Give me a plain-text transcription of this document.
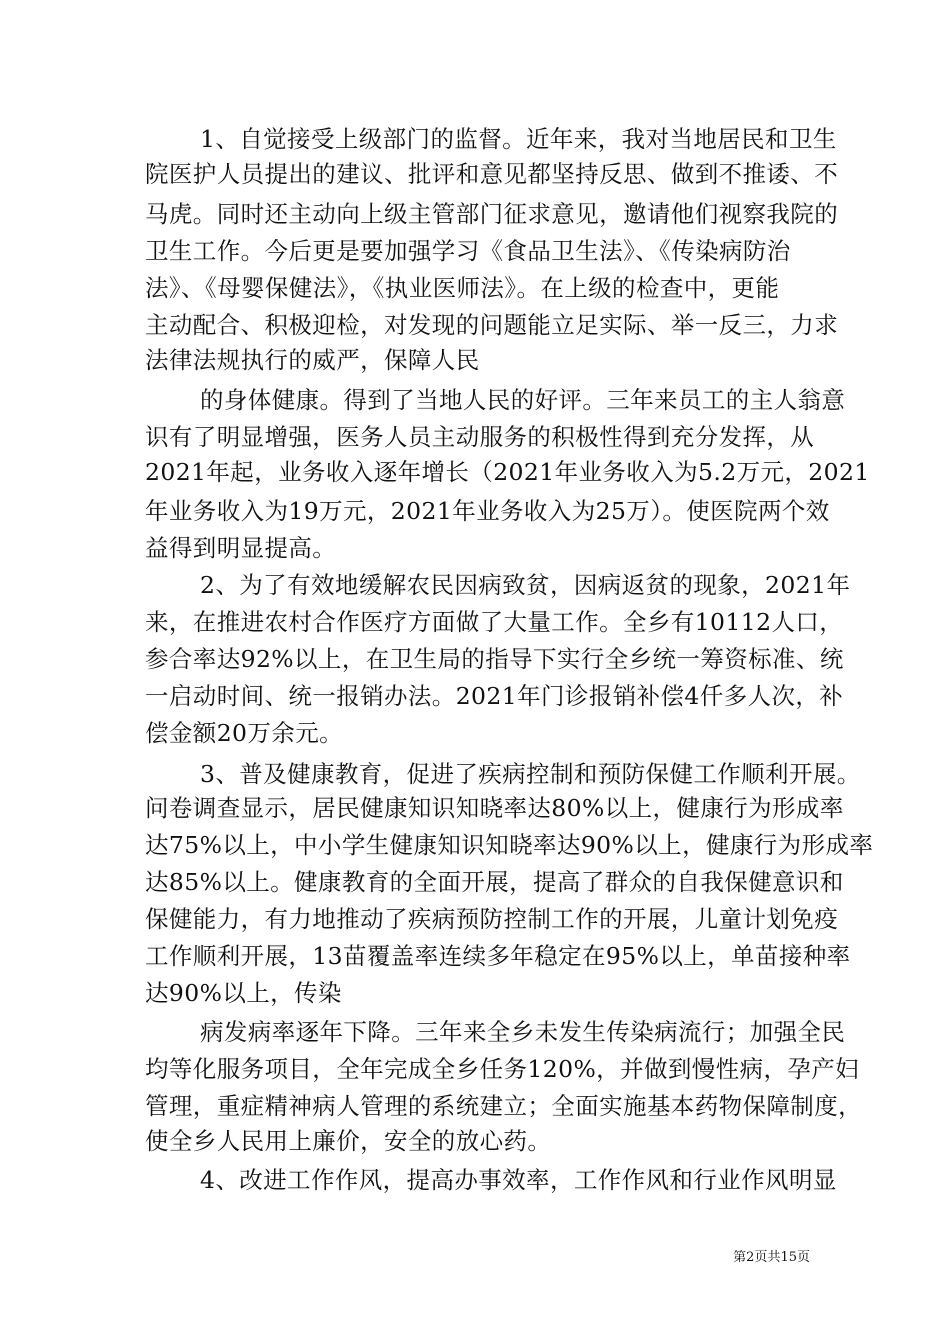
1、自觉接受上级部门的监督。近年来，我对当地居民和卫生
院医护人员提出的建议、批评和意见都坚持反思、做到不推诿、不
马虎。同时还主动向上级主管部门征求意见，邀请他们视察我院的
卫生工作。今后更是要加强学习《食品卫生法》、《传染病防治
法》、《母婴保健法》，《执业医师法》。在上级的检查中，更能
主动配合、积极迎检，对发现的问题能立足实际、举一反三，力求
法律法规执行的威严，保障人民
的身体健康。得到了当地人民的好评。三年来员工的主人翁意
识有了明显增强，医务人员主动服务的积极性得到充分发挥，从
2021年起，业务收入逐年增长（2021年业务收入为5.2万元，2021
年业务收入为19万元，2021年业务收入为25万）。使医院两个效
益得到明显提高。
2、为了有效地缓解农民因病致贫，因病返贫的现象，2021年
来，在推进农村合作医疗方面做了大量工作。全乡有10112人口，
参合率达92%以上，在卫生局的指导下实行全乡统一筹资标准、统
一启动时间、统一报销办法。2021年门诊报销补偿4仟多人次，补
偿金额20万余元。
3、普及健康教育，促进了疾病控制和预防保健工作顺利开展。
问卷调查显示，居民健康知识知晓率达80%以上，健康行为形成率
达75%以上，中小学生健康知识知晓率达90%以上，健康行为形成率
达85%以上。健康教育的全面开展，提高了群众的自我保健意识和
保健能力，有力地推动了疾病预防控制工作的开展，儿童计划免疫
工作顺利开展，13苗覆盖率连续多年稳定在95%以上，单苗接种率
达90%以上，传染
病发病率逐年下降。三年来全乡未发生传染病流行；加强全民
均等化服务项目，全年完成全乡任务120%，并做到慢性病，孕产妇
管理，重症精神病人管理的系统建立；全面实施基本药物保障制度，
使全乡人民用上廉价，安全的放心药。
4、改进工作作风，提高办事效率，工作作风和行业作风明显
第2页共15页
